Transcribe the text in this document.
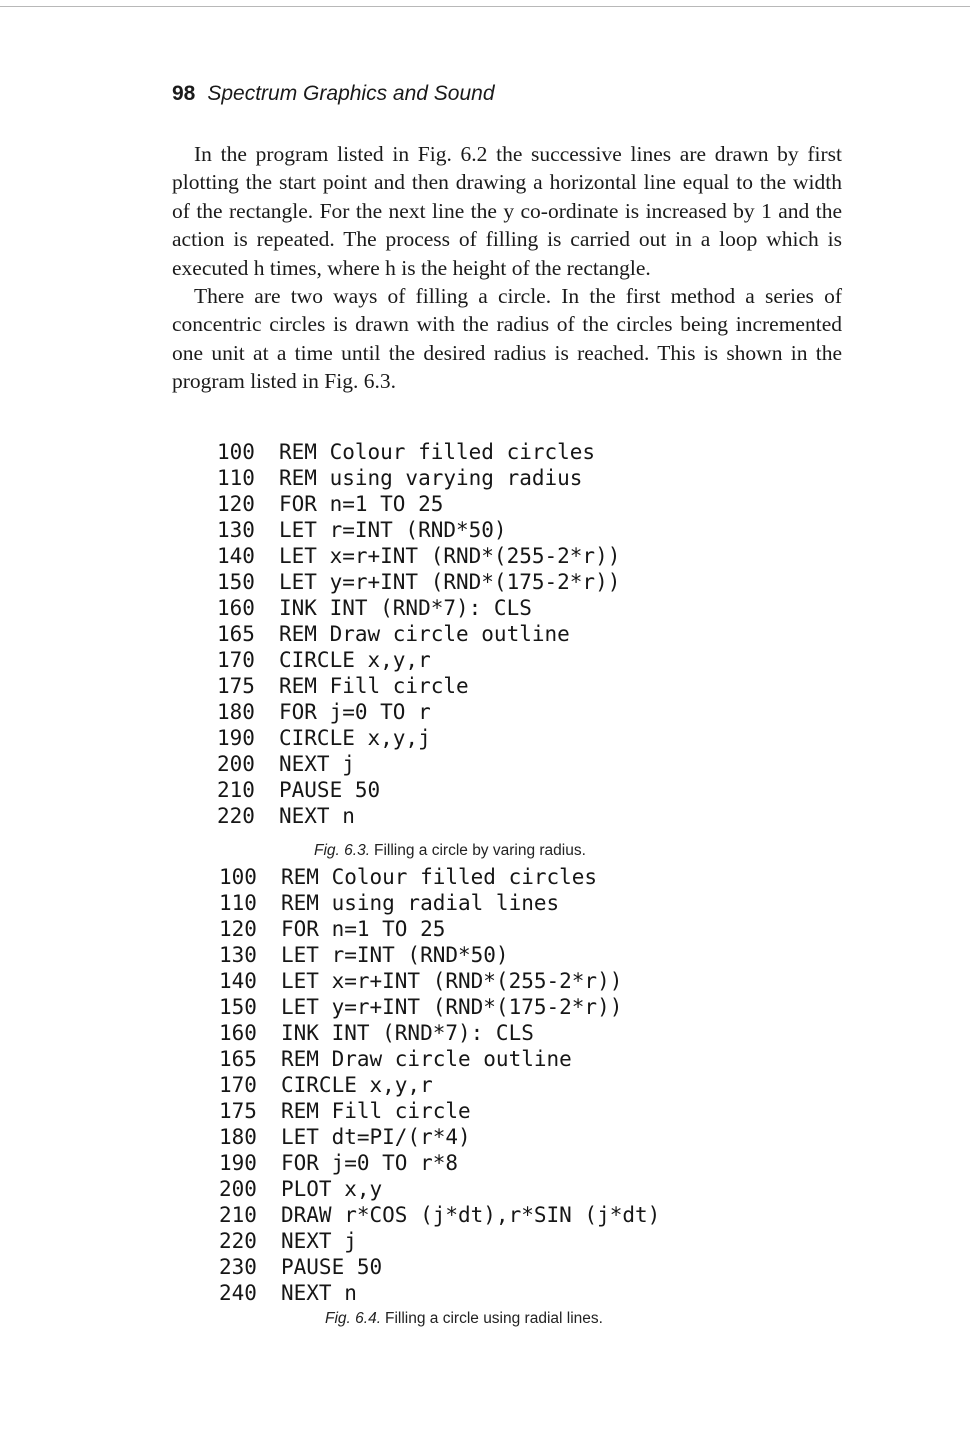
98 Spectrum Graphics and Sound

In the program listed in Fig. 6.2 the successive lines are drawn by first plotting the start point and then drawing a horizontal line equal to the width of the rectangle. For the next line the y co-ordinate is increased by 1 and the action is repeated. The process of filling is carried out in a loop which is executed h times, where h is the height of the rectangle.

There are two ways of filling a circle. In the first method a series of concentric circles is drawn with the radius of the circles being incremented one unit at a time until the desired radius is reached. This is shown in the program listed in Fig. 6.3.

100 REM Colour filled circles
110 REM using varying radius
120 FOR n=1 TO 25
130 LET r=INT (RND*50)
140 LET x=r+INT (RND*(255-2*r))
150 LET y=r+INT (RND*(175-2*r))
160 INK INT (RND*7): CLS
165 REM Draw circle outline
170 CIRCLE x,y,r
175 REM Fill circle
180 FOR j=0 TO r
190 CIRCLE x,y,j
200 NEXT j
210 PAUSE 50
220 NEXT n
Fig. 6.3. Filling a circle by varing radius.
100 REM Colour filled circles
110 REM using radial lines
120 FOR n=1 TO 25
130 LET r=INT (RND*50)
140 LET x=r+INT (RND*(255-2*r))
150 LET y=r+INT (RND*(175-2*r))
160 INK INT (RND*7): CLS
165 REM Draw circle outline
170 CIRCLE x,y,r
175 REM Fill circle
180 LET dt=PI/(r*4)
190 FOR j=0 TO r*8
200 PLOT x,y
210 DRAW r*COS (j*dt),r*SIN (j*dt)
220 NEXT j
230 PAUSE 50
240 NEXT n
Fig. 6.4. Filling a circle using radial lines.
